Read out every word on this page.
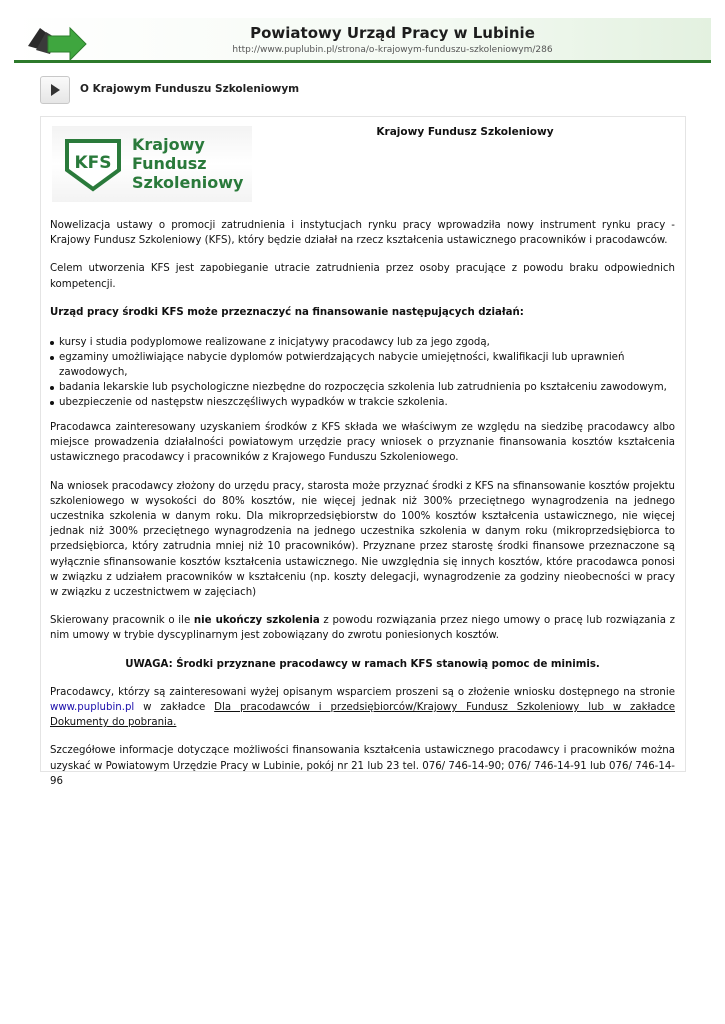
Powiatowy Urząd Pracy w Lubinie
http://www.puplubin.pl/strona/o-krajowym-funduszu-szkoleniowym/286
O Krajowym Funduszu Szkoleniowym
KFS
Krajowy
Fundusz
Szkoleniowy
Krajowy Fundusz Szkoleniowy

Nowelizacja ustawy o promocji zatrudnienia i instytucjach rynku pracy wprowadziła nowy instrument rynku pracy - Krajowy Fundusz Szkoleniowy (KFS), który będzie działał na rzecz kształcenia ustawicznego pracowników i pracodawców.

Celem utworzenia KFS jest zapobieganie utracie zatrudnienia przez osoby pracujące z powodu braku odpowiednich kompetencji.

Urząd pracy środki KFS może przeznaczyć na finansowanie następujących działań:

kursy i studia podyplomowe realizowane z inicjatywy pracodawcy lub za jego zgodą,
egzaminy umożliwiające nabycie dyplomów potwierdzających nabycie umiejętności, kwalifikacji lub uprawnień zawodowych,
badania lekarskie lub psychologiczne niezbędne do rozpoczęcia szkolenia lub zatrudnienia po kształceniu zawodowym,
ubezpieczenie od następstw nieszczęśliwych wypadków w trakcie szkolenia.

Pracodawca zainteresowany uzyskaniem środków z KFS składa we właściwym ze względu na siedzibę pracodawcy albo miejsce prowadzenia działalności powiatowym urzędzie pracy wniosek o przyznanie finansowania kosztów kształcenia ustawicznego pracodawcy i pracowników z Krajowego Funduszu Szkoleniowego.

Na wniosek pracodawcy złożony do urzędu pracy, starosta może przyznać środki z KFS na sfinansowanie kosztów projektu szkoleniowego w wysokości do 80% kosztów, nie więcej jednak niż 300% przeciętnego wynagrodzenia na jednego uczestnika szkolenia w danym roku. Dla mikroprzedsiębiorstw do 100% kosztów kształcenia ustawicznego, nie więcej jednak niż 300% przeciętnego wynagrodzenia na jednego uczestnika szkolenia w danym roku (mikroprzedsiębiorca to przedsiębiorca, który zatrudnia mniej niż 10 pracowników). Przyznane przez starostę środki finansowe przeznaczone są wyłącznie sfinansowanie kosztów kształcenia ustawicznego. Nie uwzględnia się innych kosztów, które pracodawca ponosi w związku z udziałem pracowników w kształceniu (np. koszty delegacji, wynagrodzenie za godziny nieobecności w pracy w związku z uczestnictwem w zajęciach)

Skierowany pracownik o ile nie ukończy szkolenia z powodu rozwiązania przez niego umowy o pracę lub rozwiązania z nim umowy w trybie dyscyplinarnym jest zobowiązany do zwrotu poniesionych kosztów.

UWAGA: Środki przyznane pracodawcy w ramach KFS stanowią pomoc de minimis.

Pracodawcy, którzy są zainteresowani wyżej opisanym wsparciem proszeni są o złożenie wniosku dostępnego na stronie www.puplubin.pl w zakładce Dla pracodawców i przedsiębiorców/Krajowy Fundusz Szkoleniowy lub w zakładce Dokumenty do pobrania.

Szczegółowe informacje dotyczące możliwości finansowania kształcenia ustawicznego pracodawcy i pracowników można uzyskać w Powiatowym Urzędzie Pracy w Lubinie, pokój nr 21 lub 23 tel. 076/ 746-14-90; 076/ 746-14-91 lub 076/ 746-14-96
